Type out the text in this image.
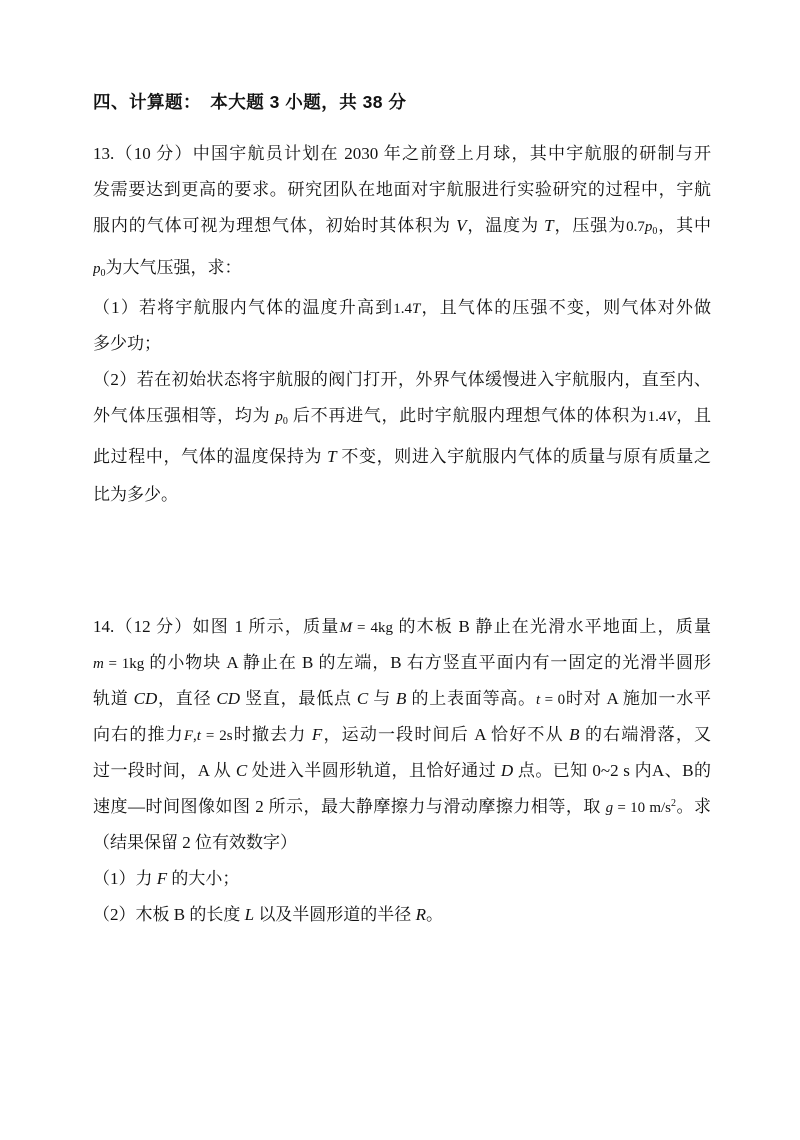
四、计算题：　本大题 3 小题，共 38 分
13.（10 分）中国宇航员计划在 2030 年之前登上月球，其中宇航服的研制与开
发需要达到更高的要求。研究团队在地面对宇航服进行实验研究的过程中，宇航
服内的气体可视为理想气体，初始时其体积为 V，温度为 T，压强为0.7p0，其中
p0为大气压强，求：
（1）若将宇航服内气体的温度升高到1.4T，且气体的压强不变，则气体对外做
多少功；
（2）若在初始状态将宇航服的阀门打开，外界气体缓慢进入宇航服内，直至内、
外气体压强相等，均为 p0 后不再进气，此时宇航服内理想气体的体积为1.4V，且
此过程中，气体的温度保持为 T 不变，则进入宇航服内气体的质量与原有质量之
比为多少。
14.（12 分）如图 1 所示，质量M = 4kg 的木板 B 静止在光滑水平地面上，质量
m = 1kg 的小物块 A 静止在 B 的左端，B 右方竖直平面内有一固定的光滑半圆形
轨道 CD，直径 CD 竖直，最低点 C 与 B 的上表面等高。t = 0时对 A 施加一水平
向右的推力F,t = 2s时撤去力 F，运动一段时间后 A 恰好不从 B 的右端滑落，又
过一段时间，A 从 C 处进入半圆形轨道，且恰好通过 D 点。已知 0~2 s 内A、B的
速度—时间图像如图 2 所示，最大静摩擦力与滑动摩擦力相等，取 g = 10 $m/s^2$。求
（结果保留 2 位有效数字）
（1）力 F 的大小；
（2）木板 B 的长度 L 以及半圆形道的半径 R。
